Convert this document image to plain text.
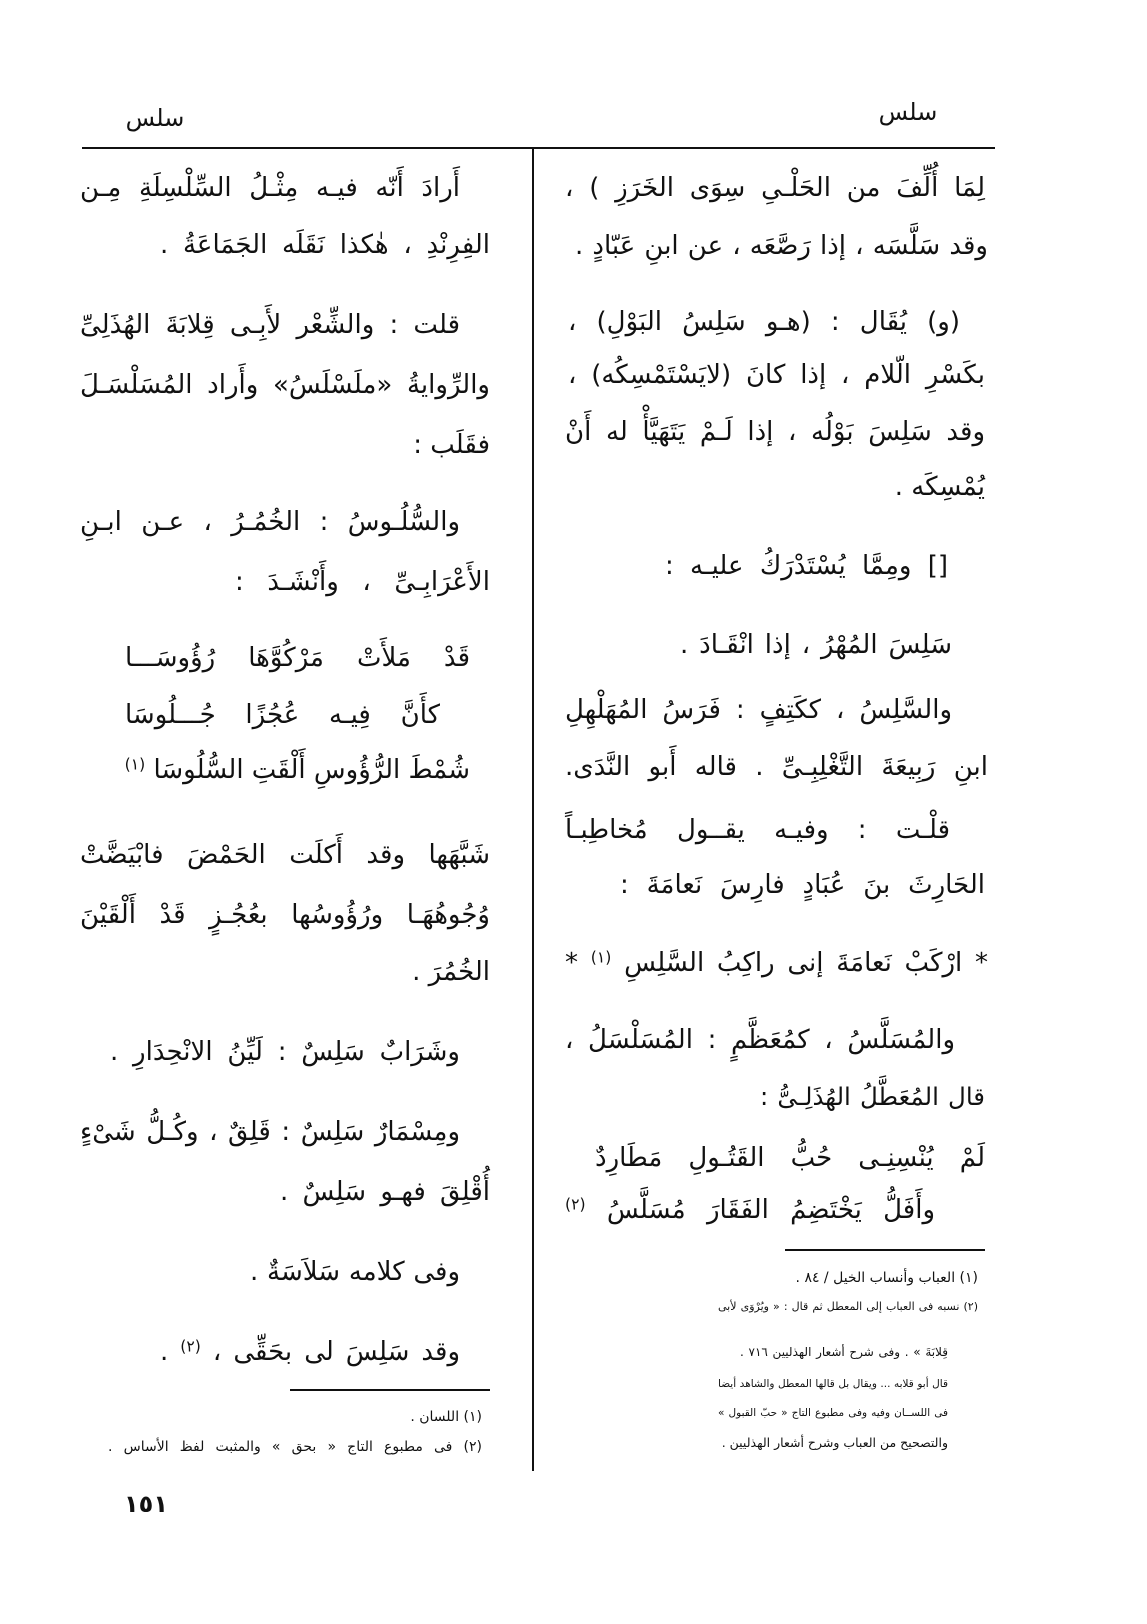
سلس
سلس
لِمَا أُلِّفَ من الحَلْـىِ سِوَى الخَرَزِ ) ،
وقد سَلَّسَه ، إذا رَصَّعَه ، عن ابنِ عَبّادٍ .
(و) يُقَال : (هـو سَلِسُ البَوْلِ) ،
بكَسْرِ الّلام ، إذا كانَ (لايَسْتَمْسِكُه) ،
وقد سَلِسَ بَوْلُه ، إذا لَـمْ يَتَهَيَّأْ له أَنْ
يُمْسِكَه .
[] ومِمَّا يُسْتَدْرَكُ عليـه :
سَلِسَ المُهْرُ ، إذا انْقَـادَ .
والسَّلِسُ ، ككَتِفٍ : فَرَسُ المُهَلْهِلِ
ابنِ رَبِيعَةَ التَّغْلِبِـىِّ . قاله أَبو النَّدَى.
قلْـت : وفيـه يقــول مُخاطِبـاً
الحَارِثَ بنَ عُبَادٍ فارِسَ نَعامَةَ :
* ارْكَبْ نَعامَةَ إنى راكِبُ السَّلِسِ $^{(١)}$ *
والمُسَلَّسُ ، كمُعَظَّمٍ : المُسَلْسَلُ ،
قال المُعَطَّلُ الهُذَلِـىُّ :
لَمْ يُنْسِنِـى حُبُّ القَتُـولِ مَطَارِدٌ
وأَفَلُّ يَخْتَضِمُ الفَقَارَ مُسَلَّسُ $^{(٢)}$
(١) العباب وأنساب الخيل / ٨٤ .
(٢) نسبه فى العباب إلى المعطل ثم قال : « ويُرْوَى لأبى
قِلابَةَ » . وفى شرح أشعار الهذليين ٧١٦ .
قال أبو قلابه ... ويقال بل قالها المعطل والشاهد أيضا
فى اللســان وفيه وفى مطبوع التاج « حبّ القبول »
والتصحيح من العباب وشرح أشعار الهذليين .
أَرادَ أَنّه فيـه مِثْـلُ السِّلْسِلَةِ مِـن
الفِرِنْدِ ، هٰكذا نَقَلَه الجَمَاعَةُ .
قلت : والشِّعْر لأَبِـى قِلابَةَ الهُذَلِىِّ
والرِّوايةُ «ملَسْلَسُ» وأَراد المُسَلْسَـلَ
فقَلَب :
والسُّلُـوسُ : الخُمُـرُ ، عـن ابـنِ
الأَعْرَابِـىِّ ، وأَنْشَـدَ :
قَدْ مَلأَتْ مَرْكُوَّهَا رُؤُوسَـــا
كأَنَّ فِيـه عُجُزًا جُـــلُوسَا
شُمْطَ الرُّؤُوسِ أَلْقَتِ السُّلُوسَا $^{(١)}$
شَبَّهَها وقد أَكلَت الحَمْضَ فابْيَضَّتْ
وُجُوهُهَـا ورُؤُوسُها بعُجُـزٍ قَدْ أَلْقَيْنَ
الخُمُرَ .
وشَرَابٌ سَلِسٌ : لَيِّنُ الانْحِدَارِ .
ومِسْمَارٌ سَلِسٌ : قَلِقٌ ، وكُـلُّ شَىْءٍ
أُقْلِقَ فهـو سَلِسٌ .
وفى كلامه سَلاَسَةٌ .
وقد سَلِسَ لى بحَقِّى ، $^{(٢)}$ .
(١) اللسان .
(٢) فى مطبوع التاج « بحق » والمثبت لفظ الأساس .
١٥١
